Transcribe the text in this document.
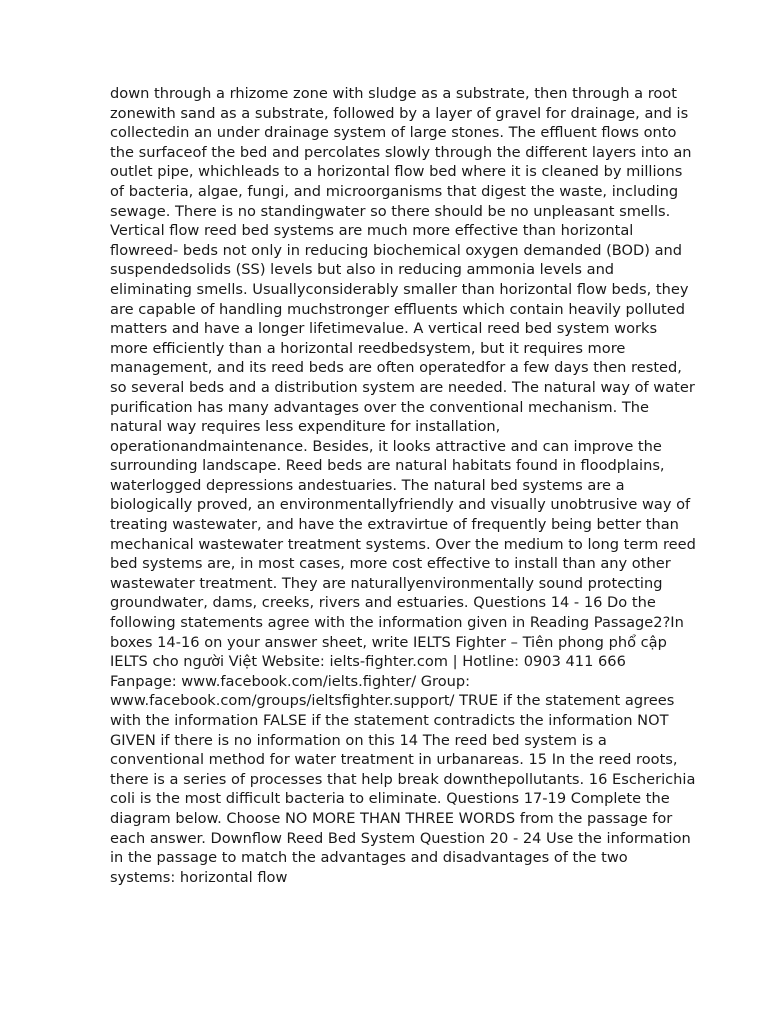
down through a rhizome zone with sludge as a substrate, then through a root zonewith sand as a substrate, followed by a layer of gravel for drainage, and is collectedin an under drainage system of large stones. The effluent flows onto the surfaceof the bed and percolates slowly through the different layers into an outlet pipe, whichleads to a horizontal flow bed where it is cleaned by millions of bacteria, algae, fungi, and microorganisms that digest the waste, including sewage. There is no standingwater so there should be no unpleasant smells. Vertical flow reed bed systems are much more effective than horizontal flowreed- beds not only in reducing biochemical oxygen demanded (BOD) and suspendedsolids (SS) levels but also in reducing ammonia levels and eliminating smells. Usuallyconsiderably smaller than horizontal flow beds, they are capable of handling muchstronger effluents which contain heavily polluted matters and have a longer lifetimevalue. A vertical reed bed system works more efficiently than a horizontal reedbedsystem, but it requires more management, and its reed beds are often operatedfor a few days then rested, so several beds and a distribution system are needed. The natural way of water purification has many advantages over the conventional mechanism. The natural way requires less expenditure for installation, operationandmaintenance. Besides, it looks attractive and can improve the surrounding landscape. Reed beds are natural habitats found in floodplains, waterlogged depressions andestuaries. The natural bed systems are a biologically proved, an environmentallyfriendly and visually unobtrusive way of treating wastewater, and have the extravirtue of frequently being better than mechanical wastewater treatment systems. Over the medium to long term reed bed systems are, in most cases, more cost effective to install than any other wastewater treatment. They are naturallyenvironmentally sound protecting groundwater, dams, creeks, rivers and estuaries. Questions 14 - 16 Do the following statements agree with the information given in Reading Passage2?In boxes 14-16 on your answer sheet, write IELTS Fighter – Tiên phong phổ cập IELTS cho người Việt Website: ielts-fighter.com | Hotline: 0903 411 666 Fanpage: www.facebook.com/ielts.fighter/ Group: www.facebook.com/groups/ieltsfighter.support/ TRUE if the statement agrees with the information FALSE if the statement contradicts the information NOT GIVEN if there is no information on this 14 The reed bed system is a conventional method for water treatment in urbanareas. 15 In the reed roots, there is a series of processes that help break downthepollutants. 16 Escherichia coli is the most difficult bacteria to eliminate. Questions 17-19 Complete the diagram below. Choose NO MORE THAN THREE WORDS from the passage for each answer. Downflow Reed Bed System Question 20 - 24 Use the information in the passage to match the advantages and disadvantages of the two systems: horizontal flow
